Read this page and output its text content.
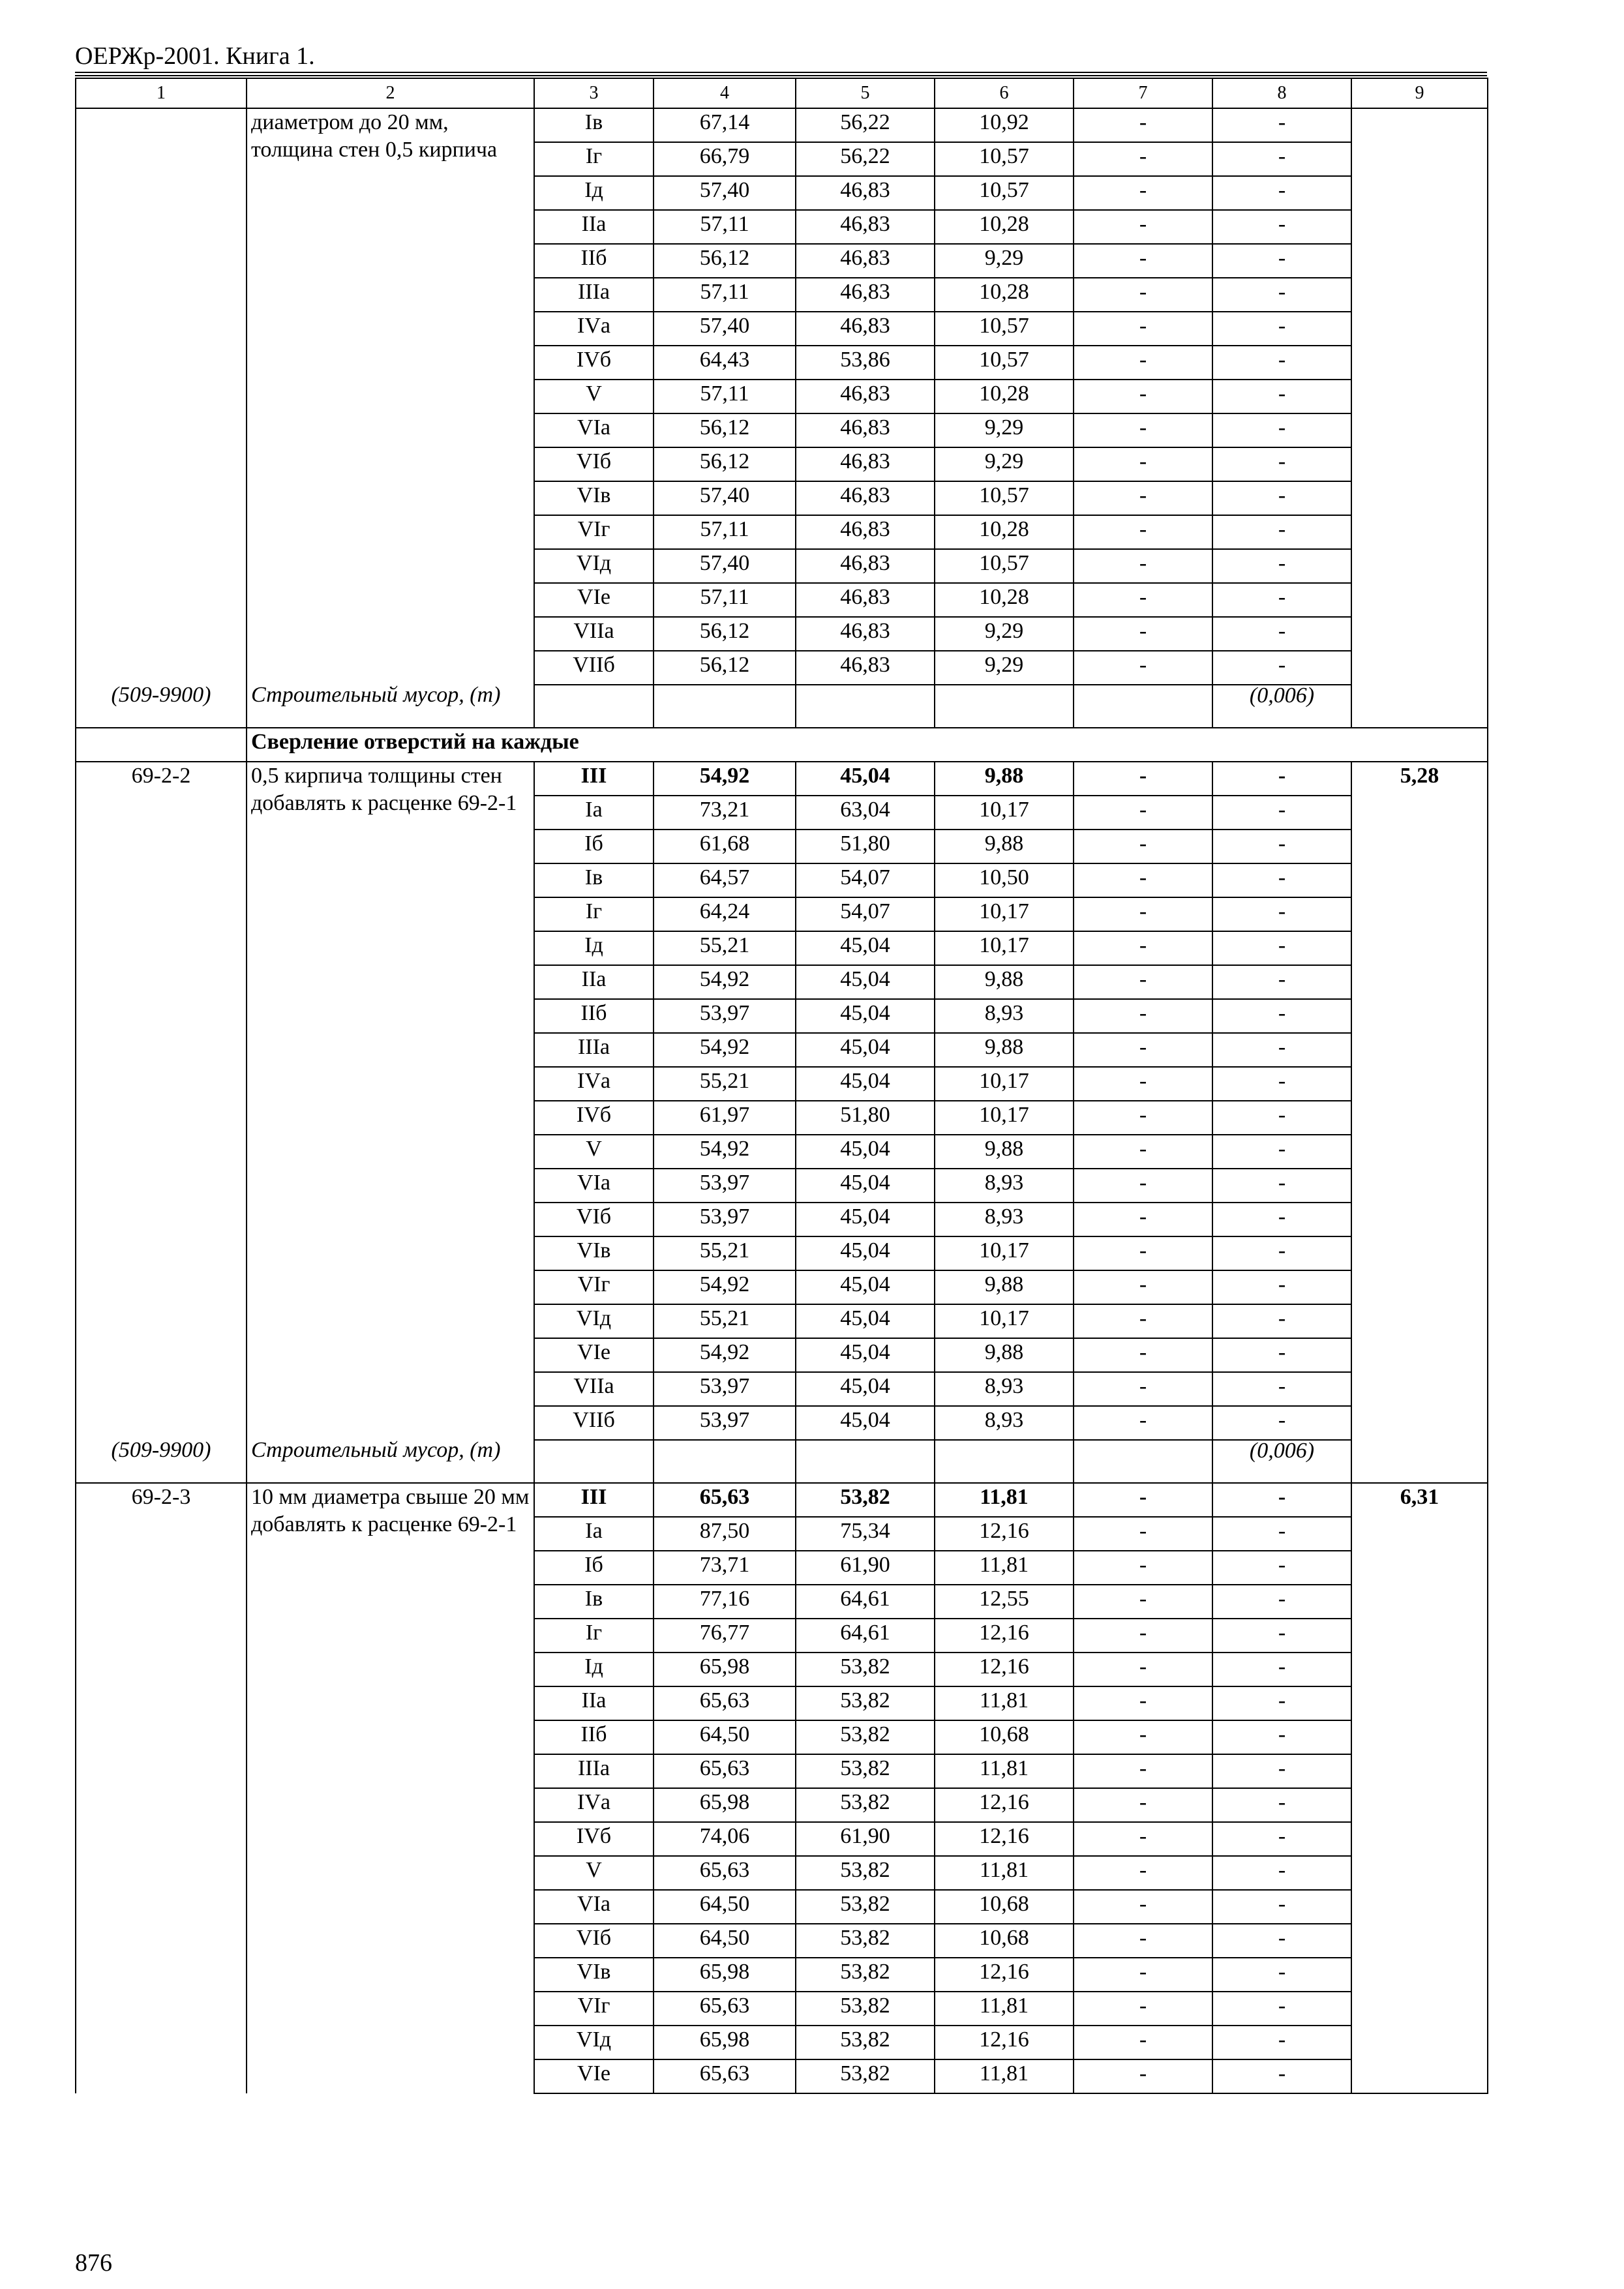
ОЕРЖр-2001. Книга 1.
1	2	3	4	5	6	7	8	9
	диаметром до 20 мм, толщина стен 0,5 кирпича	Iв	67,14	56,22	10,92	-	-	
		Iг	66,79	56,22	10,57	-	-	
		Iд	57,40	46,83	10,57	-	-	
		IIа	57,11	46,83	10,28	-	-	
		IIб	56,12	46,83	9,29	-	-	
		IIIа	57,11	46,83	10,28	-	-	
		IVа	57,40	46,83	10,57	-	-	
		IVб	64,43	53,86	10,57	-	-	
		V	57,11	46,83	10,28	-	-	
		VIа	56,12	46,83	9,29	-	-	
		VIб	56,12	46,83	9,29	-	-	
		VIв	57,40	46,83	10,57	-	-	
		VIг	57,11	46,83	10,28	-	-	
		VIд	57,40	46,83	10,57	-	-	
		VIе	57,11	46,83	10,28	-	-	
		VIIа	56,12	46,83	9,29	-	-	
		VIIб	56,12	46,83	9,29	-	-	
(509-9900)	Строительный мусор, (т)						(0,006)	
	Сверление отверстий на каждые							
69-2-2	0,5 кирпича толщины стен добавлять к расценке 69-2-1	III	54,92	45,04	9,88	-	-	5,28
		Iа	73,21	63,04	10,17	-	-	
		Iб	61,68	51,80	9,88	-	-	
		Iв	64,57	54,07	10,50	-	-	
		Iг	64,24	54,07	10,17	-	-	
		Iд	55,21	45,04	10,17	-	-	
		IIа	54,92	45,04	9,88	-	-	
		IIб	53,97	45,04	8,93	-	-	
		IIIа	54,92	45,04	9,88	-	-	
		IVа	55,21	45,04	10,17	-	-	
		IVб	61,97	51,80	10,17	-	-	
		V	54,92	45,04	9,88	-	-	
		VIа	53,97	45,04	8,93	-	-	
		VIб	53,97	45,04	8,93	-	-	
		VIв	55,21	45,04	10,17	-	-	
		VIг	54,92	45,04	9,88	-	-	
		VIд	55,21	45,04	10,17	-	-	
		VIе	54,92	45,04	9,88	-	-	
		VIIа	53,97	45,04	8,93	-	-	
		VIIб	53,97	45,04	8,93	-	-	
(509-9900)	Строительный мусор, (т)						(0,006)	
69-2-3	10 мм диаметра свыше 20 мм добавлять к расценке 69-2-1	III	65,63	53,82	11,81	-	-	6,31
		Iа	87,50	75,34	12,16	-	-	
		Iб	73,71	61,90	11,81	-	-	
		Iв	77,16	64,61	12,55	-	-	
		Iг	76,77	64,61	12,16	-	-	
		Iд	65,98	53,82	12,16	-	-	
		IIа	65,63	53,82	11,81	-	-	
		IIб	64,50	53,82	10,68	-	-	
		IIIа	65,63	53,82	11,81	-	-	
		IVа	65,98	53,82	12,16	-	-	
		IVб	74,06	61,90	12,16	-	-	
		V	65,63	53,82	11,81	-	-	
		VIа	64,50	53,82	10,68	-	-	
		VIб	64,50	53,82	10,68	-	-	
		VIв	65,98	53,82	12,16	-	-	
		VIг	65,63	53,82	11,81	-	-	
		VIд	65,98	53,82	12,16	-	-	
		VIе	65,63	53,82	11,81	-	-	
876
